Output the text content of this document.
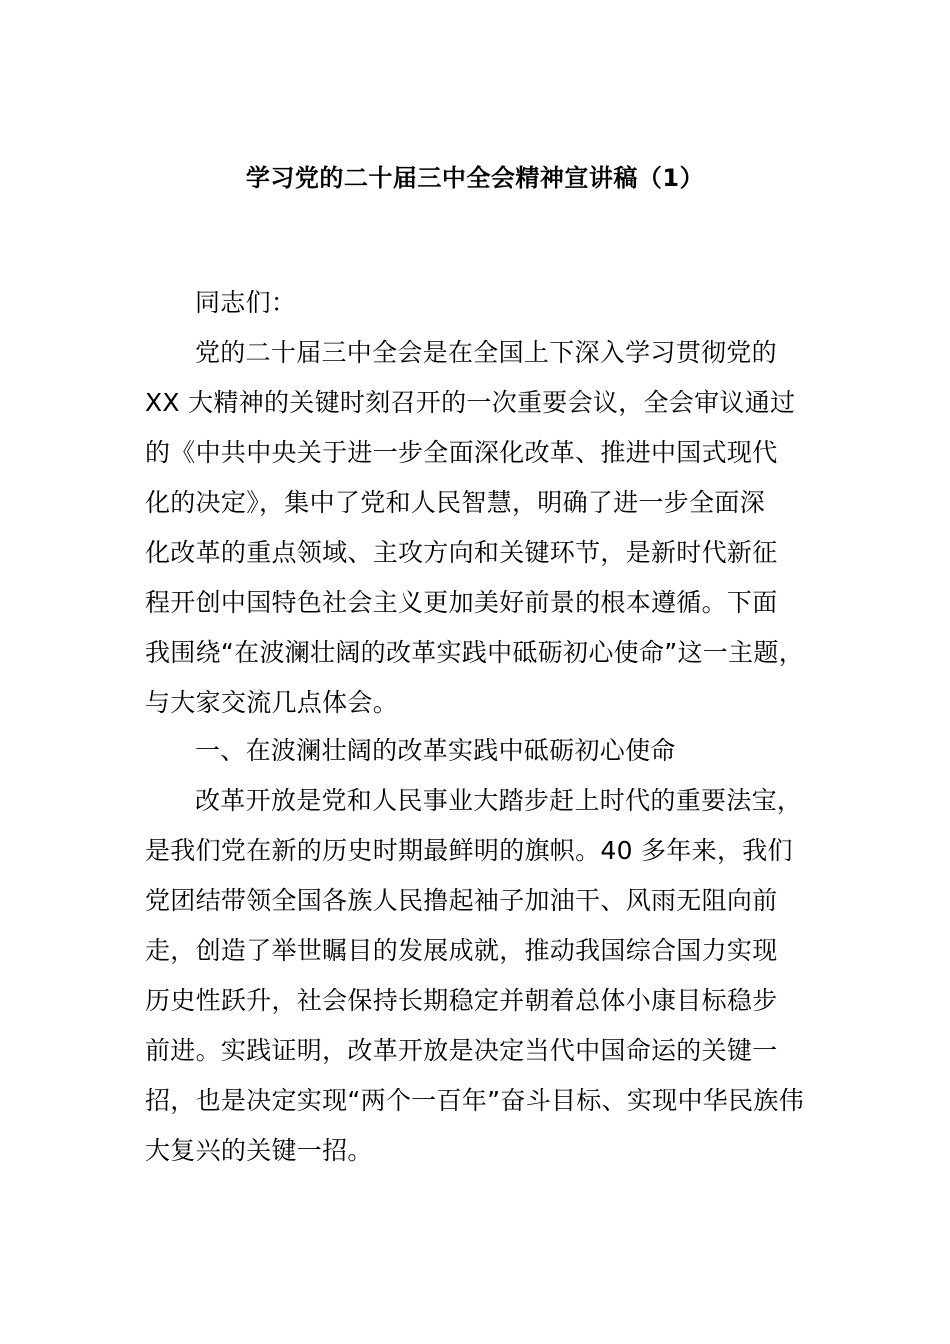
学习党的二十届三中全会精神宣讲稿（1）
同志们：
党的二十届三中全会是在全国上下深入学习贯彻党的
XX 大精神的关键时刻召开的一次重要会议，全会审议通过
的《中共中央关于进一步全面深化改革、推进中国式现代
化的决定》，集中了党和人民智慧，明确了进一步全面深
化改革的重点领域、主攻方向和关键环节，是新时代新征
程开创中国特色社会主义更加美好前景的根本遵循。下面
我围绕“在波澜壮阔的改革实践中砥砺初心使命”这一主题，
与大家交流几点体会。
一、在波澜壮阔的改革实践中砥砺初心使命
改革开放是党和人民事业大踏步赶上时代的重要法宝，
是我们党在新的历史时期最鲜明的旗帜。40 多年来，我们
党团结带领全国各族人民撸起袖子加油干、风雨无阻向前
走，创造了举世瞩目的发展成就，推动我国综合国力实现
历史性跃升，社会保持长期稳定并朝着总体小康目标稳步
前进。实践证明，改革开放是决定当代中国命运的关键一
招，也是决定实现“两个一百年”奋斗目标、实现中华民族伟
大复兴的关键一招。
